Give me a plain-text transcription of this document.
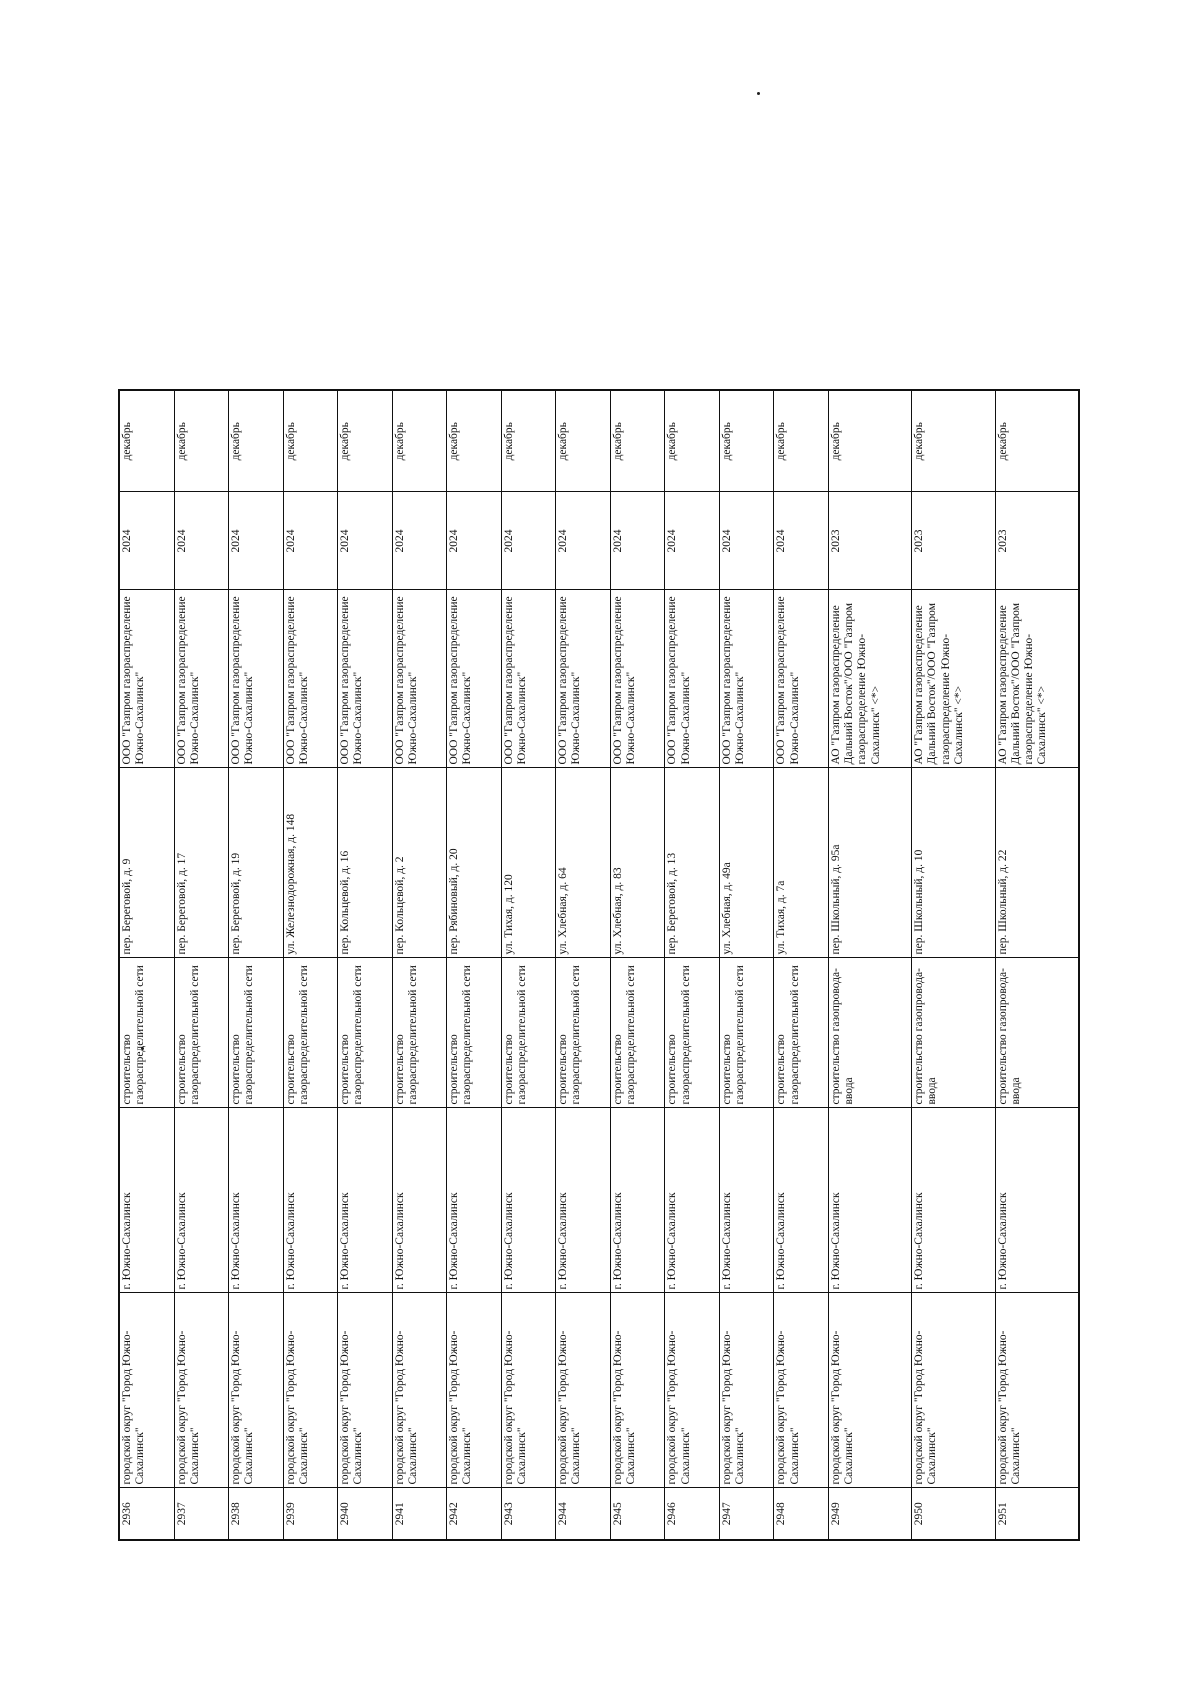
2936	городской округ "Город Южно-Сахалинск"	г. Южно-Сахалинск	строительство газораспределительной сети	пер. Береговой, д. 9	ООО "Газпром газораспределение Южно-Сахалинск"	2024	декабрь
2937	городской округ "Город Южно-Сахалинск"	г. Южно-Сахалинск	строительство газораспределительной сети	пер. Береговой, д. 17	ООО "Газпром газораспределение Южно-Сахалинск"	2024	декабрь
2938	городской округ "Город Южно-Сахалинск"	г. Южно-Сахалинск	строительство газораспределительной сети	пер. Береговой, д. 19	ООО "Газпром газораспределение Южно-Сахалинск"	2024	декабрь
2939	городской округ "Город Южно-Сахалинск"	г. Южно-Сахалинск	строительство газораспределительной сети	ул. Железнодорожная, д. 148	ООО "Газпром газораспределение Южно-Сахалинск"	2024	декабрь
2940	городской округ "Город Южно-Сахалинск"	г. Южно-Сахалинск	строительство газораспределительной сети	пер. Кольцевой, д. 16	ООО "Газпром газораспределение Южно-Сахалинск"	2024	декабрь
2941	городской округ "Город Южно-Сахалинск"	г. Южно-Сахалинск	строительство газораспределительной сети	пер. Кольцевой, д. 2	ООО "Газпром газораспределение Южно-Сахалинск"	2024	декабрь
2942	городской округ "Город Южно-Сахалинск"	г. Южно-Сахалинск	строительство газораспределительной сети	пер. Рябиновый, д. 20	ООО "Газпром газораспределение Южно-Сахалинск"	2024	декабрь
2943	городской округ "Город Южно-Сахалинск"	г. Южно-Сахалинск	строительство газораспределительной сети	ул. Тихая, д. 120	ООО "Газпром газораспределение Южно-Сахалинск"	2024	декабрь
2944	городской округ "Город Южно-Сахалинск"	г. Южно-Сахалинск	строительство газораспределительной сети	ул. Хлебная, д. 64	ООО "Газпром газораспределение Южно-Сахалинск"	2024	декабрь
2945	городской округ "Город Южно-Сахалинск"	г. Южно-Сахалинск	строительство газораспределительной сети	ул. Хлебная, д. 83	ООО "Газпром газораспределение Южно-Сахалинск"	2024	декабрь
2946	городской округ "Город Южно-Сахалинск"	г. Южно-Сахалинск	строительство газораспределительной сети	пер. Береговой, д. 13	ООО "Газпром газораспределение Южно-Сахалинск"	2024	декабрь
2947	городской округ "Город Южно-Сахалинск"	г. Южно-Сахалинск	строительство газораспределительной сети	ул. Хлебная, д. 49а	ООО "Газпром газораспределение Южно-Сахалинск"	2024	декабрь
2948	городской округ "Город Южно-Сахалинск"	г. Южно-Сахалинск	строительство газораспределительной сети	ул. Тихая, д. 7а	ООО "Газпром газораспределение Южно-Сахалинск"	2024	декабрь
2949	городской округ "Город Южно-Сахалинск"	г. Южно-Сахалинск	строительство газопровода-ввода	пер. Школьный, д. 95а	АО "Газпром газораспределение Дальний Восток"/ООО "Газпром газораспределение Южно-Сахалинск" <*>	2023	декабрь
2950	городской округ "Город Южно-Сахалинск"	г. Южно-Сахалинск	строительство газопровода-ввода	пер. Школьный, д. 10	АО "Газпром газораспределение Дальний Восток"/ООО "Газпром газораспределение Южно-Сахалинск" <*>	2023	декабрь
2951	городской округ "Город Южно-Сахалинск"	г. Южно-Сахалинск	строительство газопровода-ввода	пер. Школьный, д. 22	АО "Газпром газораспределение Дальний Восток"/ООО "Газпром газораспределение Южно-Сахалинск" <*>	2023	декабрь
